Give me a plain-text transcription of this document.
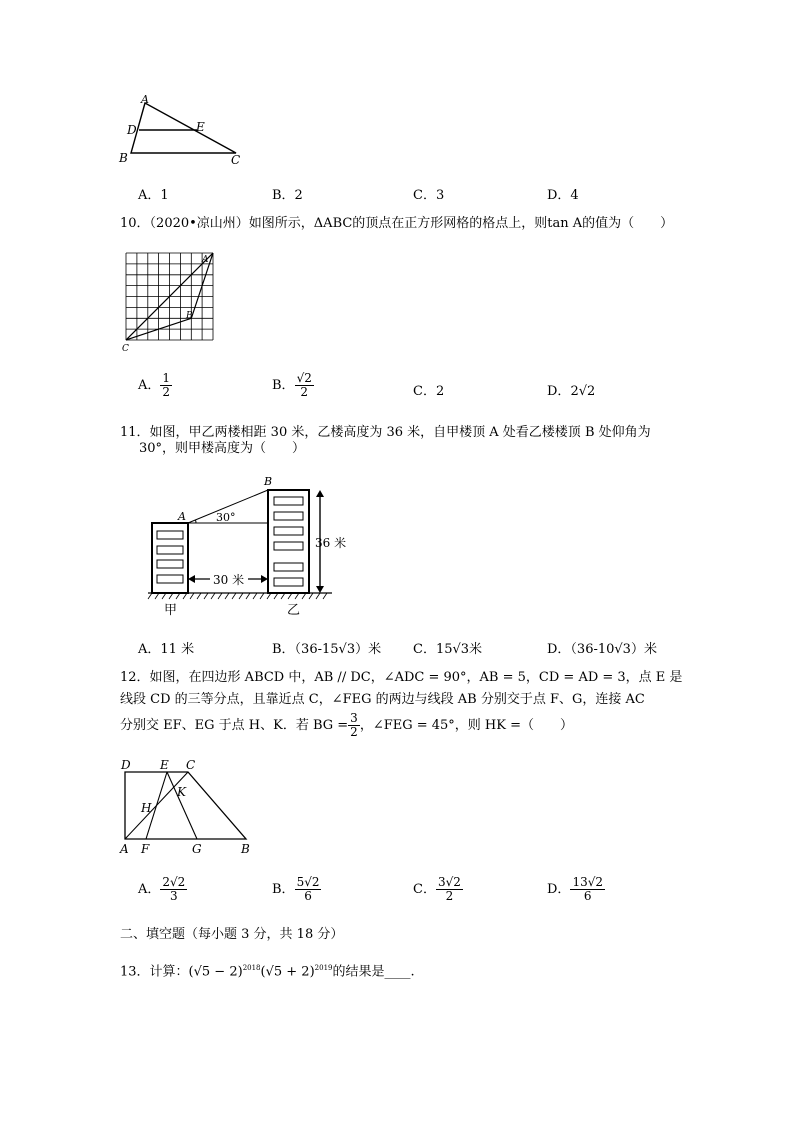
A
D	E
B	C
A．1	B．2	C．3	D．4
10．（2020•凉山州）如图所示，ΔABC的顶点在正方形网格的格点上，则tan A的值为（　　）
A
B
C
A． $\frac{1}{2}$	B． $\frac{√2}{2}$	C．2	D．2√2
11．如图，甲乙两楼相距 30 米，乙楼高度为 36 米，自甲楼顶 A 处看乙楼楼顶 B 处仰角为
30°，则甲楼高度为（　　）
30 米
A
B
30°
36 米
甲	乙
A．11 米	B．（36-15√3）米 C．15√3米	D．（36-10√3）米
12．如图，在四边形 ABCD 中，AB // DC，∠ADC = 90°，AB = 5，CD = AD = 3，点 E 是
线段 CD 的三等分点，且靠近点 C，∠FEG 的两边与线段 AB 分别交于点 F、G，连接 AC
分别交 EF、EG 于点 H、K．若 BG = $\frac{3}{2}$ ，∠FEG = 45°，则 HK =（　　）
D E C
H
K
A F	G	B
A． $\frac{2√2}{3}$	B． $\frac{5√2}{6}$	C． $\frac{3√2}{2}$	D． $\frac{13√2}{6}$
二、填空题（每小题 3 分，共 18 分）
13．计算：$(√5 - 2)^{2018}(√5 + 2)^{2019}$的结果是____.
